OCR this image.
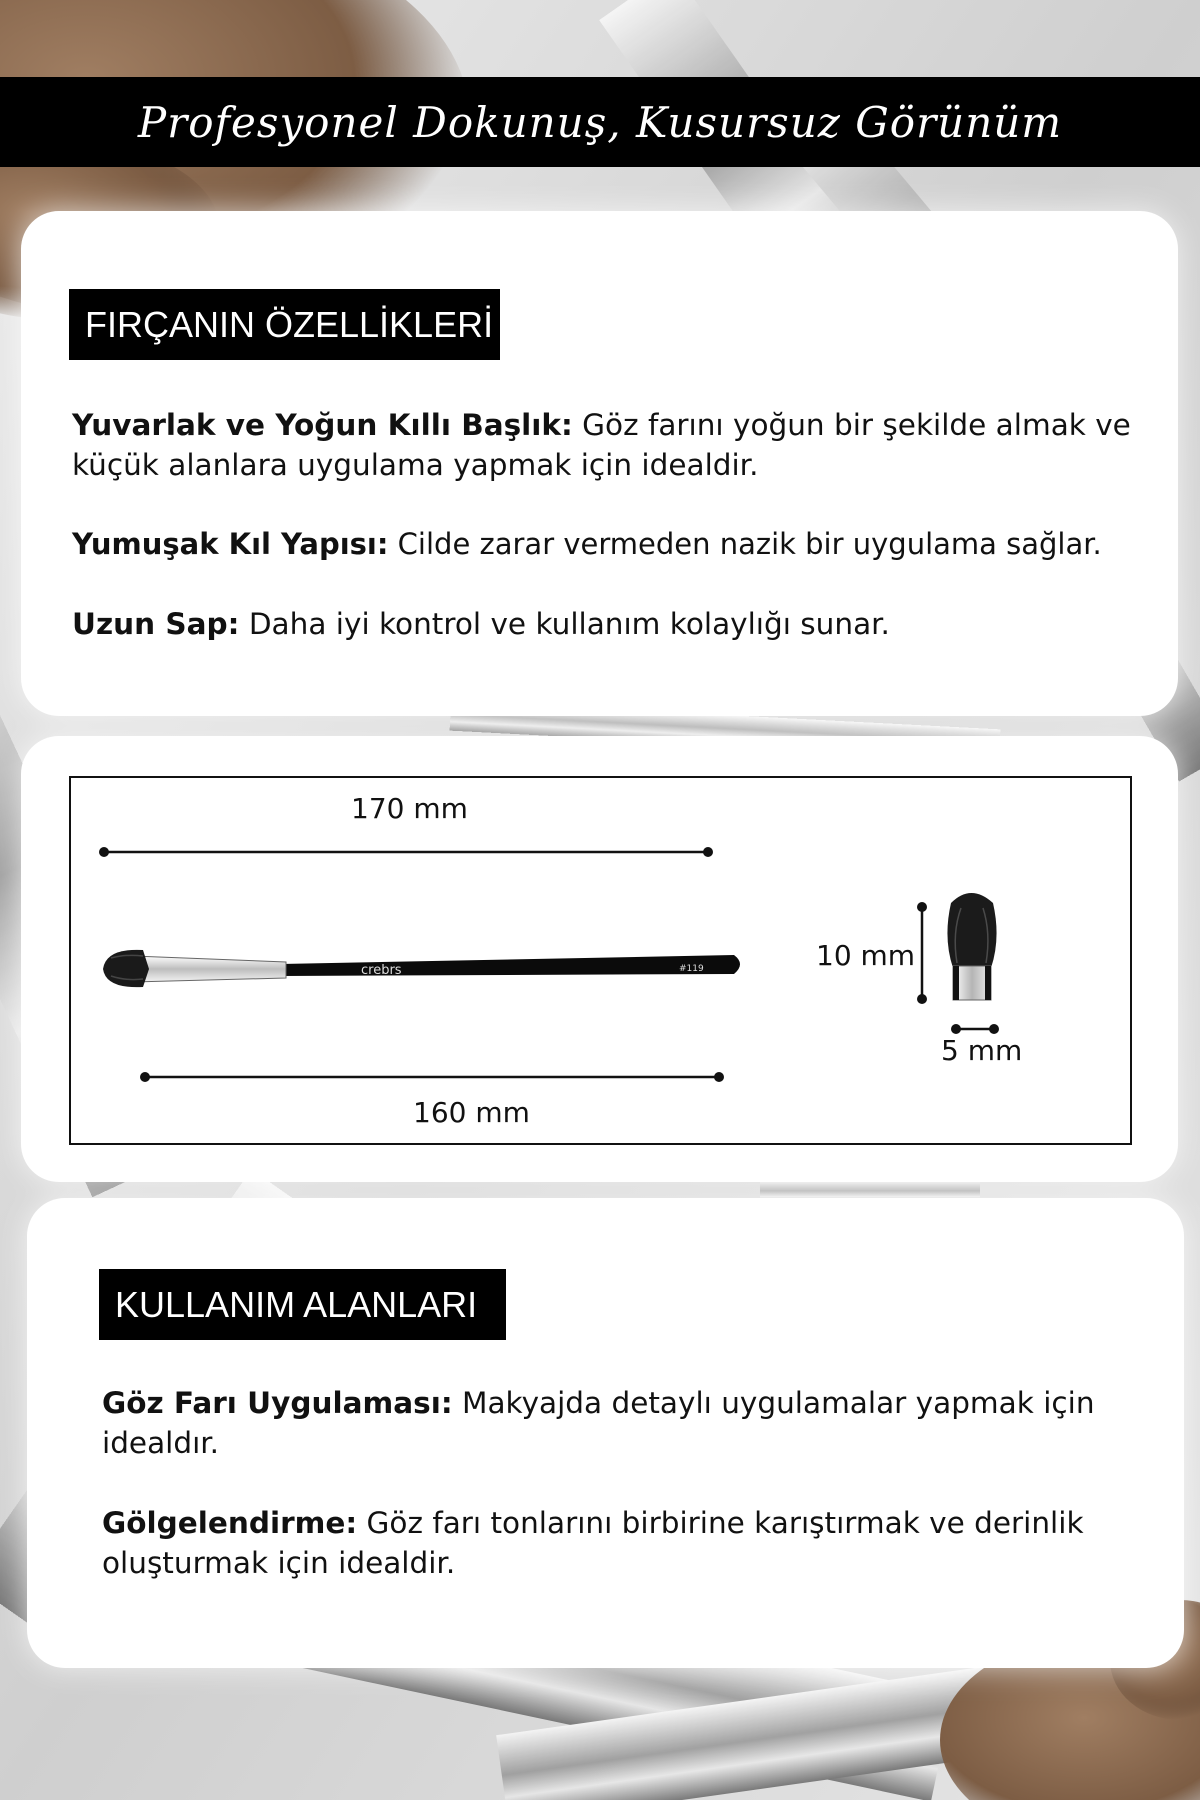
Profesyonel Dokunuş, Kusursuz Görünüm
FIRÇANIN ÖZELLİKLERİ

Yuvarlak ve Yoğun Kıllı Başlık: Göz farını yoğun bir şekilde almak ve küçük alanlara uygulama yapmak için idealdir.

Yumuşak Kıl Yapısı: Cilde zarar vermeden nazik bir uygulama sağlar.

Uzun Sap: Daha iyi kontrol ve kullanım kolaylığı sunar.

crebrs	#119
170 mm
160 mm
10 mm
5 mm
KULLANIM ALANLARI

Göz Farı Uygulaması: Makyajda detaylı uygulamalar yapmak için idealdır.

Gölgelendirme: Göz farı tonlarını birbirine karıştırmak ve derinlik oluşturmak için idealdir.
